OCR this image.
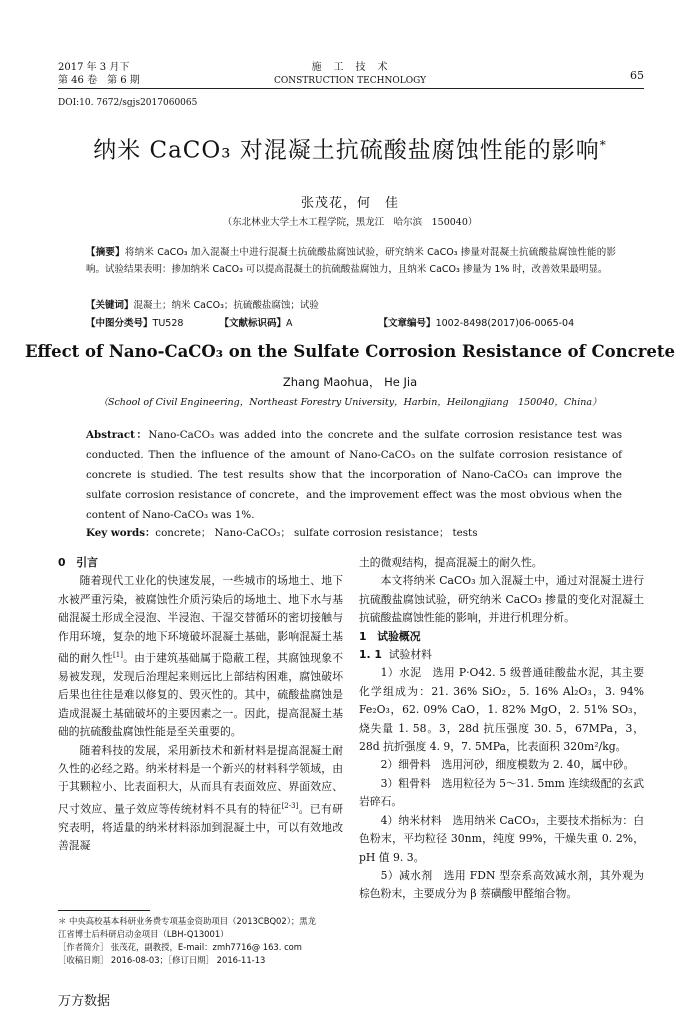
2017 年 3 月下
第 46 卷　第 6 期
施　工　技　术
CONSTRUCTION TECHNOLOGY	65
DOI:10. 7672/sgjs2017060065
纳米 CaCO₃ 对混凝土抗硫酸盐腐蚀性能的影响*
张茂花，何　佳
（东北林业大学土木工程学院，黑龙江　哈尔滨　150040）
【摘要】将纳米 CaCO₃ 加入混凝土中进行混凝土抗硫酸盐腐蚀试验，研究纳米 CaCO₃ 掺量对混凝土抗硫酸盐腐蚀性能的影响。试验结果表明：掺加纳米 CaCO₃ 可以提高混凝土的抗硫酸盐腐蚀力，且纳米 CaCO₃ 掺量为 1% 时，改善效果最明显。
【关键词】混凝土；纳米 CaCO₃；抗硫酸盐腐蚀；试验
【中图分类号】TU528	【文献标识码】A	【文章编号】1002-8498(2017)06-0065-04
Effect of Nano-CaCO₃ on the Sulfate Corrosion Resistance of Concrete
Zhang Maohua， He Jia
（School of Civil Engineering，Northeast Forestry University，Harbin，Heilongjiang　150040，China）
Abstract：Nano-CaCO₃ was added into the concrete and the sulfate corrosion resistance test was conducted. Then the influence of the amount of Nano-CaCO₃ on the sulfate corrosion resistance of concrete is studied. The test results show that the incorporation of Nano-CaCO₃ can improve the sulfate corrosion resistance of concrete，and the improvement effect was the most obvious when the content of Nano-CaCO₃ was 1%.
Key words：concrete； Nano-CaCO₃； sulfate corrosion resistance； tests

0　引言

随着现代工业化的快速发展，一些城市的场地土、地下水被严重污染，被腐蚀性介质污染后的场地土、地下水与基础混凝土形成全浸泡、半浸泡、干湿交替循环的密切接触与作用环境，复杂的地下环境破坏混凝土基础，影响混凝土基础的耐久性[1]。由于建筑基础属于隐蔽工程，其腐蚀现象不易被发现，发现后治理起来则远比上部结构困难，腐蚀破坏后果也往往是难以修复的、毁灭性的。其中，硫酸盐腐蚀是造成混凝土基础破坏的主要因素之一。因此，提高混凝土基础的抗硫酸盐腐蚀性能是至关重要的。

随着科技的发展，采用新技术和新材料是提高混凝土耐久性的必经之路。纳米材料是一个新兴的材料科学领域，由于其颗粒小、比表面积大，从而具有表面效应、界面效应、尺寸效应、量子效应等传统材料不具有的特征[2-3]。已有研究表明，将适量的纳米材料添加到混凝土中，可以有效地改善混凝

＊ 中央高校基本科研业务费专项基金资助项目（2013CBQ02）；黑龙
江省博士后科研启动金项目（LBH-Q13001）
［作者简介］ 张茂花，副教授，E-mail：zmh7716@ 163. com
［收稿日期］ 2016-08-03；［修订日期］ 2016-11-13

土的微观结构，提高混凝土的耐久性。

本文将纳米 CaCO₃ 加入混凝土中，通过对混凝土进行抗硫酸盐腐蚀试验，研究纳米 CaCO₃ 掺量的变化对混凝土抗硫酸盐腐蚀性能的影响，并进行机理分析。

1　试验概况

1. 1 试验材料

1）水泥　选用 P·O42. 5 级普通硅酸盐水泥，其主要化学组成为：21. 36% SiO₂，5. 16% Al₂O₃，3. 94% Fe₂O₃，62. 09% CaO，1. 82% MgO，2. 51% SO₃，烧失量 1. 58。3，28d 抗压强度 30. 5，67MPa，3，28d 抗折强度 4. 9，7. 5MPa，比表面积 320m²/kg。

2）细骨料　选用河砂，细度模数为 2. 40，属中砂。

3）粗骨料　选用粒径为 5～31. 5mm 连续级配的玄武岩碎石。

4）纳米材料　选用纳米 CaCO₃，主要技术指标为：白色粉末，平均粒径 30nm，纯度 99%，干燥失重 0. 2%，pH 值 9. 3。

5）减水剂　选用 FDN 型奈系高效减水剂，其外观为棕色粉末，主要成分为 β 萘磺酸甲醛缩合物。

万方数据
